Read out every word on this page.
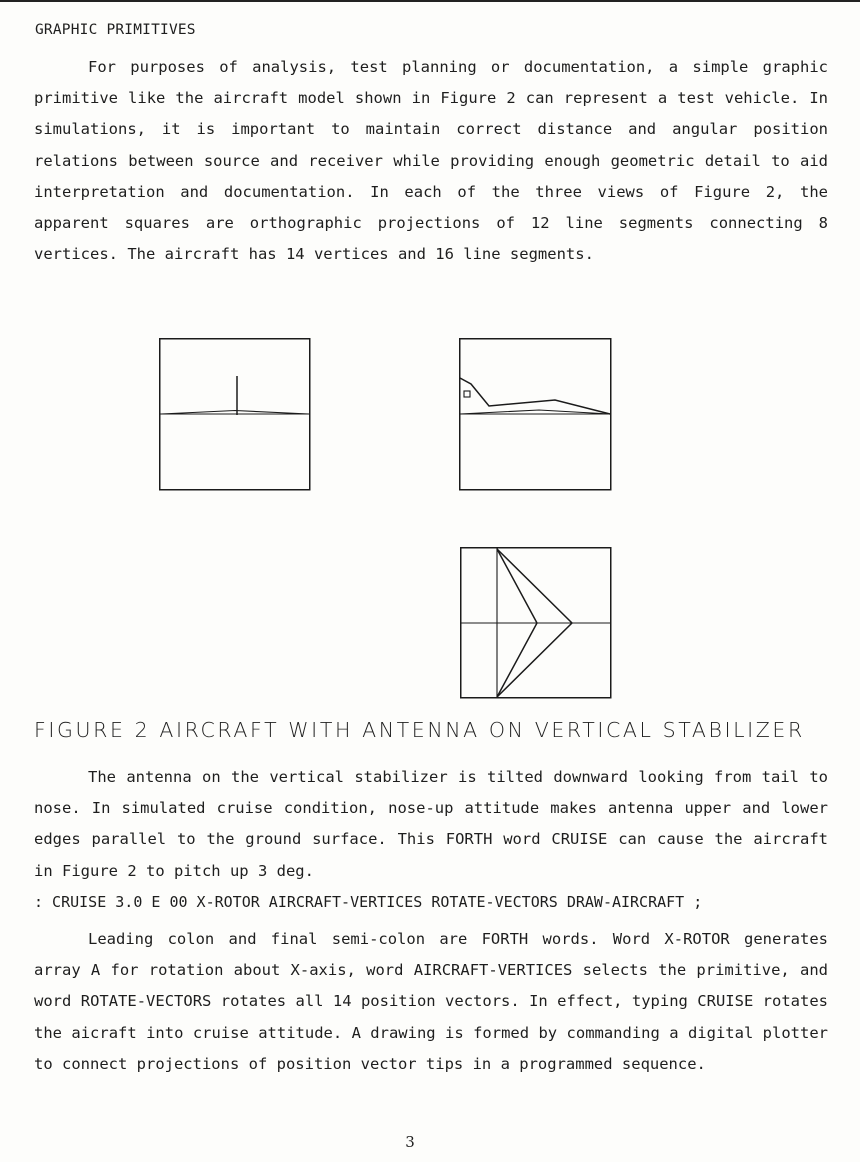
GRAPHIC PRIMITIVES

For purposes of analysis, test planning or documentation, a simple graphic primitive like the aircraft model shown in Figure 2 can represent a test vehicle. In simulations, it is important to maintain correct distance and angular position relations between source and receiver while providing enough geometric detail to aid interpretation and documentation. In each of the three views of Figure 2, the apparent squares are orthographic projections of 12 line segments connecting 8 vertices. The aircraft has 14 vertices and 16 line segments.

FIGURE 2 AIRCRAFT WITH ANTENNA ON VERTICAL STABILIZER

The antenna on the vertical stabilizer is tilted downward looking from tail to nose. In simulated cruise condition, nose-up attitude makes antenna upper and lower edges parallel to the ground surface. This FORTH word CRUISE can cause the aircraft in Figure 2 to pitch up 3 deg.

: CRUISE 3.0 E 00 X-ROTOR AIRCRAFT-VERTICES ROTATE-VECTORS DRAW-AIRCRAFT ;

Leading colon and final semi-colon are FORTH words. Word X-ROTOR generates array A for rotation about X-axis, word AIRCRAFT-VERTICES selects the primitive, and word ROTATE-VECTORS rotates all 14 position vectors. In effect, typing CRUISE rotates the aicraft into cruise attitude. A drawing is formed by commanding a digital plotter to connect projections of position vector tips in a programmed sequence.

3
